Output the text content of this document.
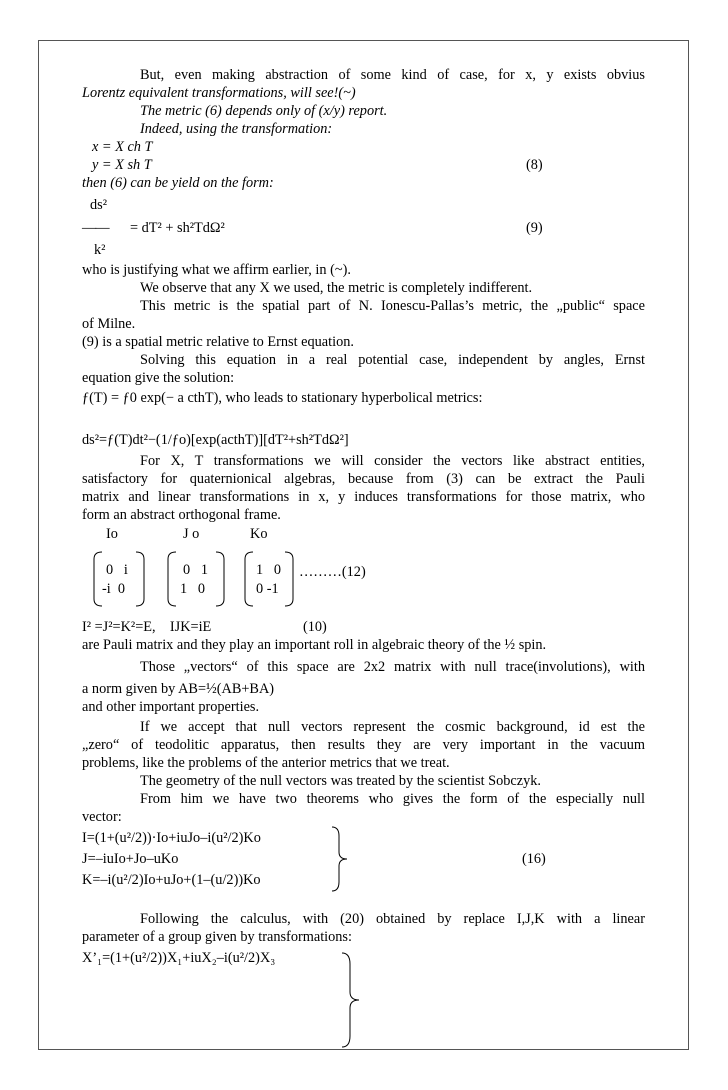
But, even making abstraction of some kind of case, for x, y exists obvius
Lorentz equivalent transformations, will see!(~)
The metric (6) depends only of (x/y) report.
Indeed, using the transformation:
x = X ch T
y = X sh T	(8)
then (6) can be yield on the form:
ds²
—— = dT² + sh²TdΩ²	(9)
k²
who is justifying what we affirm earlier, in (~).
We observe that any X we used, the metric is completely indifferent.
This metric is the spatial part of N. Ionescu-Pallas’s metric, the „public“ space
of Milne.
(9) is a spatial metric relative to Ernst equation.
Solving this equation in a real potential case, independent by angles, Ernst
equation give the solution:
ƒ(T) = ƒ0 exp(− a cthT), who leads to stationary hyperbolical metrics:
ds²=ƒ(T)dt²−(1/ƒo)[exp(acthT)][dT²+sh²TdΩ²]
For X, T transformations we will consider the vectors like abstract entities,
satisfactory for quaternionical algebras, because from (3) can be extract the Pauli
matrix and linear transformations in x, y induces transformations for those matrix, who
form an abstract orthogonal frame.
Io	J o	Ko
0   i
-i  0
0   1
1   0
1   0
0 -1
………(12)
I² =J²=K²=E,    IJK=iE	(10)
are Pauli matrix and they play an important roll in algebraic theory of the ½ spin.
Those „vectors“ of this space are 2x2 matrix with null trace(involutions), with
a norm given by AB=½(AB+BA)
and other important properties.
If we accept that null vectors represent the cosmic background, id est the
„zero“ of teodolitic apparatus, then results they are very important in the vacuum
problems, like the problems of the anterior metrics that we treat.
The geometry of the null vectors was treated by the scientist Sobczyk.
From him we have two theorems who gives the form of the especially null
vector:
I=(1+(u²/2))·Io+iuJo–i(u²/2)Ko
J=–iuIo+Jo–uKo
K=–i(u²/2)Io+uJo+(1–(u/2))Ko
(16)
Following the calculus, with (20) obtained by replace I,J,K with a linear
parameter of a group given by transformations:
X’₁=(1+(u²/2))X₁+iuX₂–i(u²/2)X₃
